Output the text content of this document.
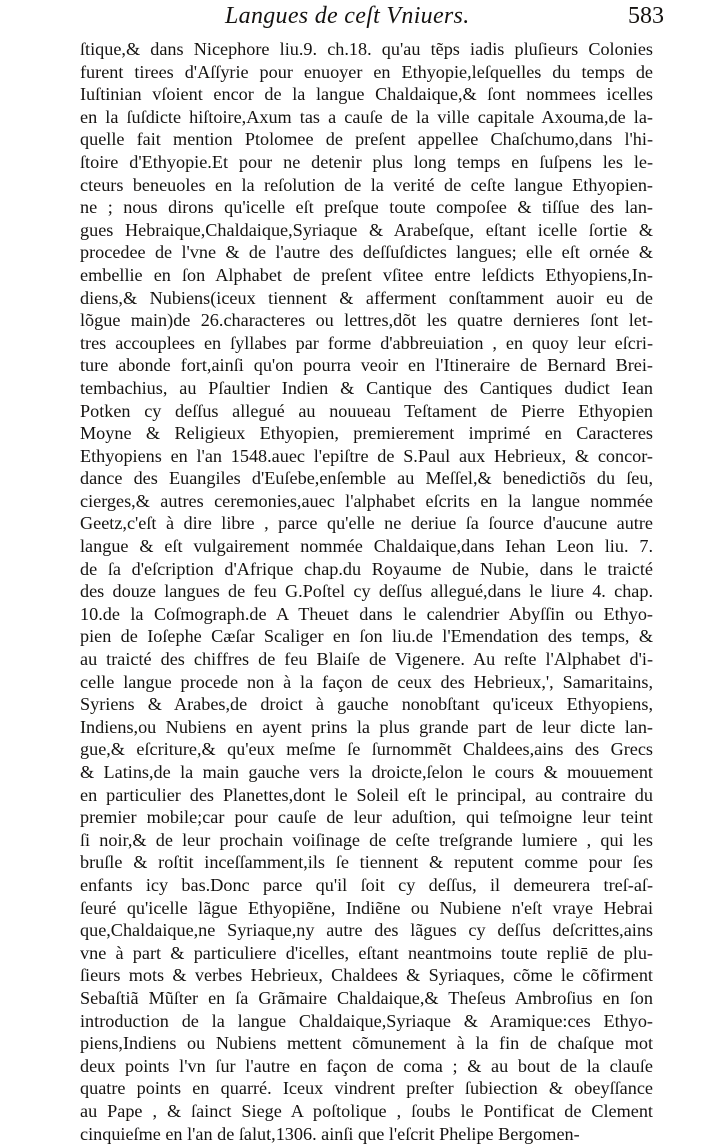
Langues de ceſt Vniuers.	583
ſtique,& dans Nicephore liu.9. ch.18. qu'au tẽps iadis pluſieurs Colonies
furent tirees d'Aſſyrie pour enuoyer en Ethyopie,leſquelles du temps de
Iuſtinian vſoient encor de la langue Chaldaique,& ſont nommees icelles
en la ſuſdicte hiſtoire,Axum tas a cauſe de la ville capitale Axouma,de la-
quelle fait mention Ptolomee de preſent appellee Chaſchumo,dans l'hi-
ſtoire d'Ethyopie.Et pour ne detenir plus long temps en ſuſpens les le-
cteurs beneuoles en la reſolution de la verité de ceſte langue Ethyopien-
ne ; nous dirons qu'icelle eſt preſque toute compoſee & tiſſue des lan-
gues Hebraique,Chaldaique,Syriaque & Arabeſque, eſtant icelle ſortie &
procedee de l'vne & de l'autre des deſſuſdictes langues; elle eſt ornée &
embellie en ſon Alphabet de preſent vſitee entre leſdicts Ethyopiens,In-
diens,& Nubiens(iceux tiennent & afferment conſtamment auoir eu de
lõgue main)de 26.characteres ou lettres,dõt les quatre dernieres ſont let-
tres accouplees en ſyllabes par forme d'abbreuiation , en quoy leur eſcri-
ture abonde fort,ainſi qu'on pourra veoir en l'Itineraire de Bernard Brei-
tembachius, au Pſaultier Indien & Cantique des Cantiques dudict Iean
Potken cy deſſus allegué au nouueau Teſtament de Pierre Ethyopien
Moyne & Religieux Ethyopien, premierement imprimé en Caracteres
Ethyopiens en l'an 1548.auec l'epiſtre de S.Paul aux Hebrieux, & concor-
dance des Euangiles d'Euſebe,enſemble au Meſſel,& benedictiõs du ſeu,
cierges,& autres ceremonies,auec l'alphabet eſcrits en la langue nommée
Geetz,c'eſt à dire libre , parce qu'elle ne deriue ſa ſource d'aucune autre
langue & eſt vulgairement nommée Chaldaique,dans Iehan Leon liu. 7.
de ſa d'eſcription d'Afrique chap.du Royaume de Nubie, dans le traicté
des douze langues de feu G.Poſtel cy deſſus allegué,dans le liure 4. chap.
10.de la Coſmograph.de A Theuet dans le calendrier Abyſſin ou Ethyo-
pien de Ioſephe Cæſar Scaliger en ſon liu.de l'Emendation des temps, &
au traicté des chiffres de feu Blaiſe de Vigenere. Au reſte l'Alphabet d'i-
celle langue procede non à la façon de ceux des Hebrieux,', Samaritains,
Syriens & Arabes,de droict à gauche nonobſtant qu'iceux Ethyopiens,
Indiens,ou Nubiens en ayent prins la plus grande part de leur dicte lan-
gue,& eſcriture,& qu'eux meſme ſe ſurnommẽt Chaldees,ains des Grecs
& Latins,de la main gauche vers la droicte,ſelon le cours & mouuement
en particulier des Planettes,dont le Soleil eſt le principal, au contraire du
premier mobile;car pour cauſe de leur aduſtion, qui teſmoigne leur teint
ſi noir,& de leur prochain voiſinage de ceſte treſgrande lumiere , qui les
bruſle & roſtit inceſſamment,ils ſe tiennent & reputent comme pour ſes
enfants icy bas.Donc parce qu'il ſoit cy deſſus, il demeurera treſ-aſ-
ſeuré qu'icelle lãgue Ethyopiẽne, Indiẽne ou Nubiene n'eſt vraye Hebrai
que,Chaldaique,ne Syriaque,ny autre des lãgues cy deſſus deſcrittes,ains
vne à part & particuliere d'icelles, eſtant neantmoins toute repliē de plu-
ſieurs mots & verbes Hebrieux, Chaldees & Syriaques, cõme le cõfirment
Sebaſtiã Mũſter en ſa Grãmaire Chaldaique,& Theſeus Ambroſius en ſon
introduction de la langue Chaldaique,Syriaque & Aramique:ces Ethyo-
piens,Indiens ou Nubiens mettent cõmunement à la fin de chaſque mot
deux points l'vn ſur l'autre en façon de coma ; & au bout de la clauſe
quatre points en quarré. Iceux vindrent preſter ſubiection & obeyſſance
au Pape , & ſainct Siege A poſtolique , ſoubs le Pontificat de Clement
cinquieſme en l'an de ſalut,1306. ainſi que l'eſcrit Phelipe Bergomen-
